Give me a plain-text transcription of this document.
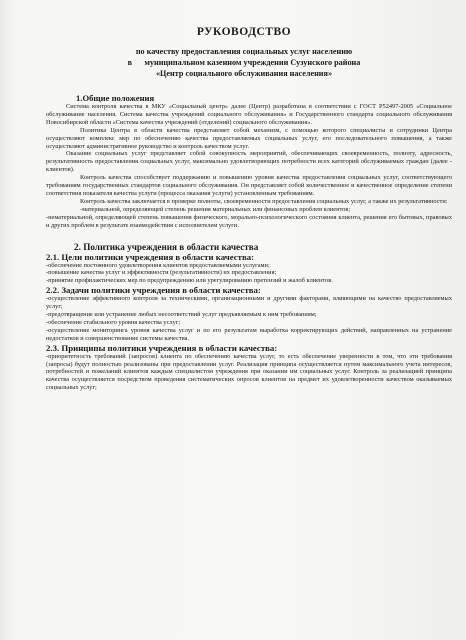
РУКОВОДСТВО
по качеству предоставления социальных услуг населению
в      муниципальном казенном учреждении Сузунского района
«Центр социального обслуживания населения»
1.Общие положения

Система контроля качества в МКУ «Социальный центр» далее (Центр) разработана в соответствии с ГОСТ Р52497-2005 «Социальное обслуживание населения. Система качества учреждений социального обслуживания» и Государственного стандарта социального обслуживания Новосибирской области «Система качества учреждений (отделений) социального обслуживания».

Политика Центра в области качества представляет собой механизм, с помощью которого специалисты и сотрудники Центра осуществляют комплекс мер по обеспечению качества предоставляемых социальных услуг, его последовательного повышения, а также осуществляют административное руководство и контроль качеством услуг.

Оказание социальных услуг представляет собой совокупность мероприятий, обеспечивающих своевременность, полноту, адресность, результативность предоставления социальных услуг, максимально удовлетворяющих потребности всех категорий обслуживаемых граждан (далее - клиентов).

Контроль качества способствует поддержанию и повышению уровня качества предоставления социальных услуг, соответствующего требованиям государственных стандартов социального обслуживания. Он представляет собой количественное и качественное определение степени соответствия показателя качества услуги (процесса оказания услуги) установленным требованиям.

Контроль качества заключается в проверке полноты, своевременности предоставления социальных услуг, а также их результативности:

-материальной, определяющей степень решения материальных или финансовых проблем клиентов;

-нематериальной, определяющей степень повышения физического, морально-психологического состояния клиента, решения его бытовых, правовых и других проблем в результате взаимодействия с исполнителем услуги.

2. Политика учреждения в области качества
2.1. Цели политики учреждения в области качества:

-обеспечение постоянного удовлетворения клиентов предоставляемыми услугами;

-повышение качества услуг и эффективности (результативности) их предоставления;

-принятие профилактических мер по предупреждению или урегулированию претензий и жалоб клиентов.

2.2. Задачи политики учреждения в области качества:

-осуществление эффективного контроля за техническими, организационными и другими факторами, влияющими на качество предоставляемых услуг;

-предотвращение или устранение любых несоответствий услуг предъявляемым к ним требованиям;

-обеспечение стабильного уровня качества услуг;

-осуществление мониторинга уровня качества услуг и по его результатам выработка корректирующих действий, направленных на устранение недостатков и совершенствование системы качества.

2.3. Принципы политики учреждения в области качества:

-приоритетность требований (запросов) клиента по обеспечению качества услуг, то есть обеспечение уверенности в том, что эти требования (запросы) будут полностью реализованы при предоставлении услуг. Реализация принципа осуществляется путем максимального учета интересов, потребностей и пожеланий клиентов каждым специалистом учреждения при оказании им социальных услуг. Контроль за реализацией принципа качества осуществляется посредством проведения систематических опросов клиентов на предмет их удовлетворенности качеством оказываемых социальных услуг;
